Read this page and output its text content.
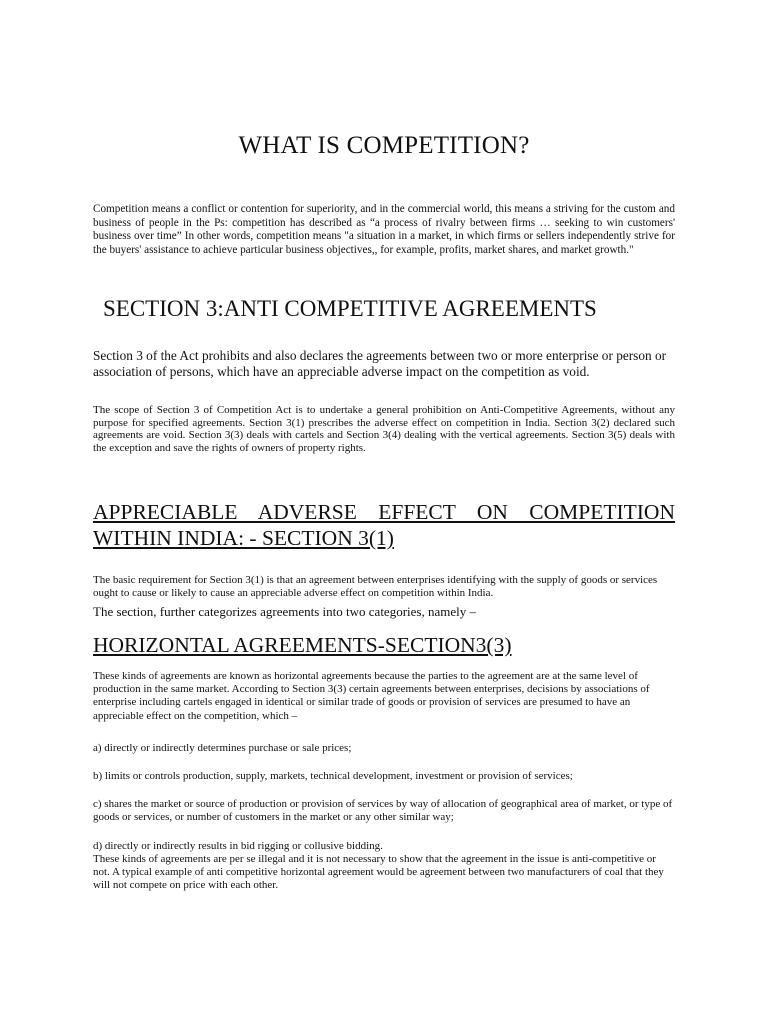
WHAT IS COMPETITION?

Competition means a conflict or contention for superiority, and in the commercial world, this means a striving for the custom and business of people in the Ps: competition has described as “a process of rivalry between firms … seeking to win customers' business over time” In other words, competition means "a situation in a market, in which firms or sellers independently strive for the buyers' assistance to achieve particular business objectives,, for example, profits, market shares, and market growth."

SECTION 3:ANTI COMPETITIVE AGREEMENTS

Section 3 of the Act prohibits and also declares the agreements between two or more enterprise or person or association of persons, which have an appreciable adverse impact on the competition as void.

The scope of Section 3 of Competition Act is to undertake a general prohibition on Anti-Competitive Agreements, without any purpose for specified agreements. Section 3(1) prescribes the adverse effect on competition in India. Section 3(2) declared such agreements are void. Section 3(3) deals with cartels and Section 3(4) dealing with the vertical agreements. Section 3(5) deals with the exception and save the rights of owners of property rights.

APPRECIABLE ADVERSE EFFECT ON COMPETITION WITHIN INDIA: - SECTION 3(1)

The basic requirement for Section 3(1) is that an agreement between enterprises identifying with the supply of goods or services ought to cause or likely to cause an appreciable adverse effect on competition within India.

The section, further categorizes agreements into two categories, namely –

HORIZONTAL AGREEMENTS-SECTION3(3)

These kinds of agreements are known as horizontal agreements because the parties to the agreement are at the same level of production in the same market. According to Section 3(3) certain agreements between enterprises, decisions by associations of enterprise including cartels engaged in identical or similar trade of goods or provision of services are presumed to have an appreciable effect on the competition, which –

a) directly or indirectly determines purchase or sale prices;

b) limits or controls production, supply, markets, technical development, investment or provision of services;

c) shares the market or source of production or provision of services by way of allocation of geographical area of market, or type of goods or services, or number of customers in the market or any other similar way;

d) directly or indirectly results in bid rigging or collusive bidding.

These kinds of agreements are per se illegal and it is not necessary to show that the agreement in the issue is anti-competitive or not. A typical example of anti competitive horizontal agreement would be agreement between two manufacturers of coal that they will not compete on price with each other.
